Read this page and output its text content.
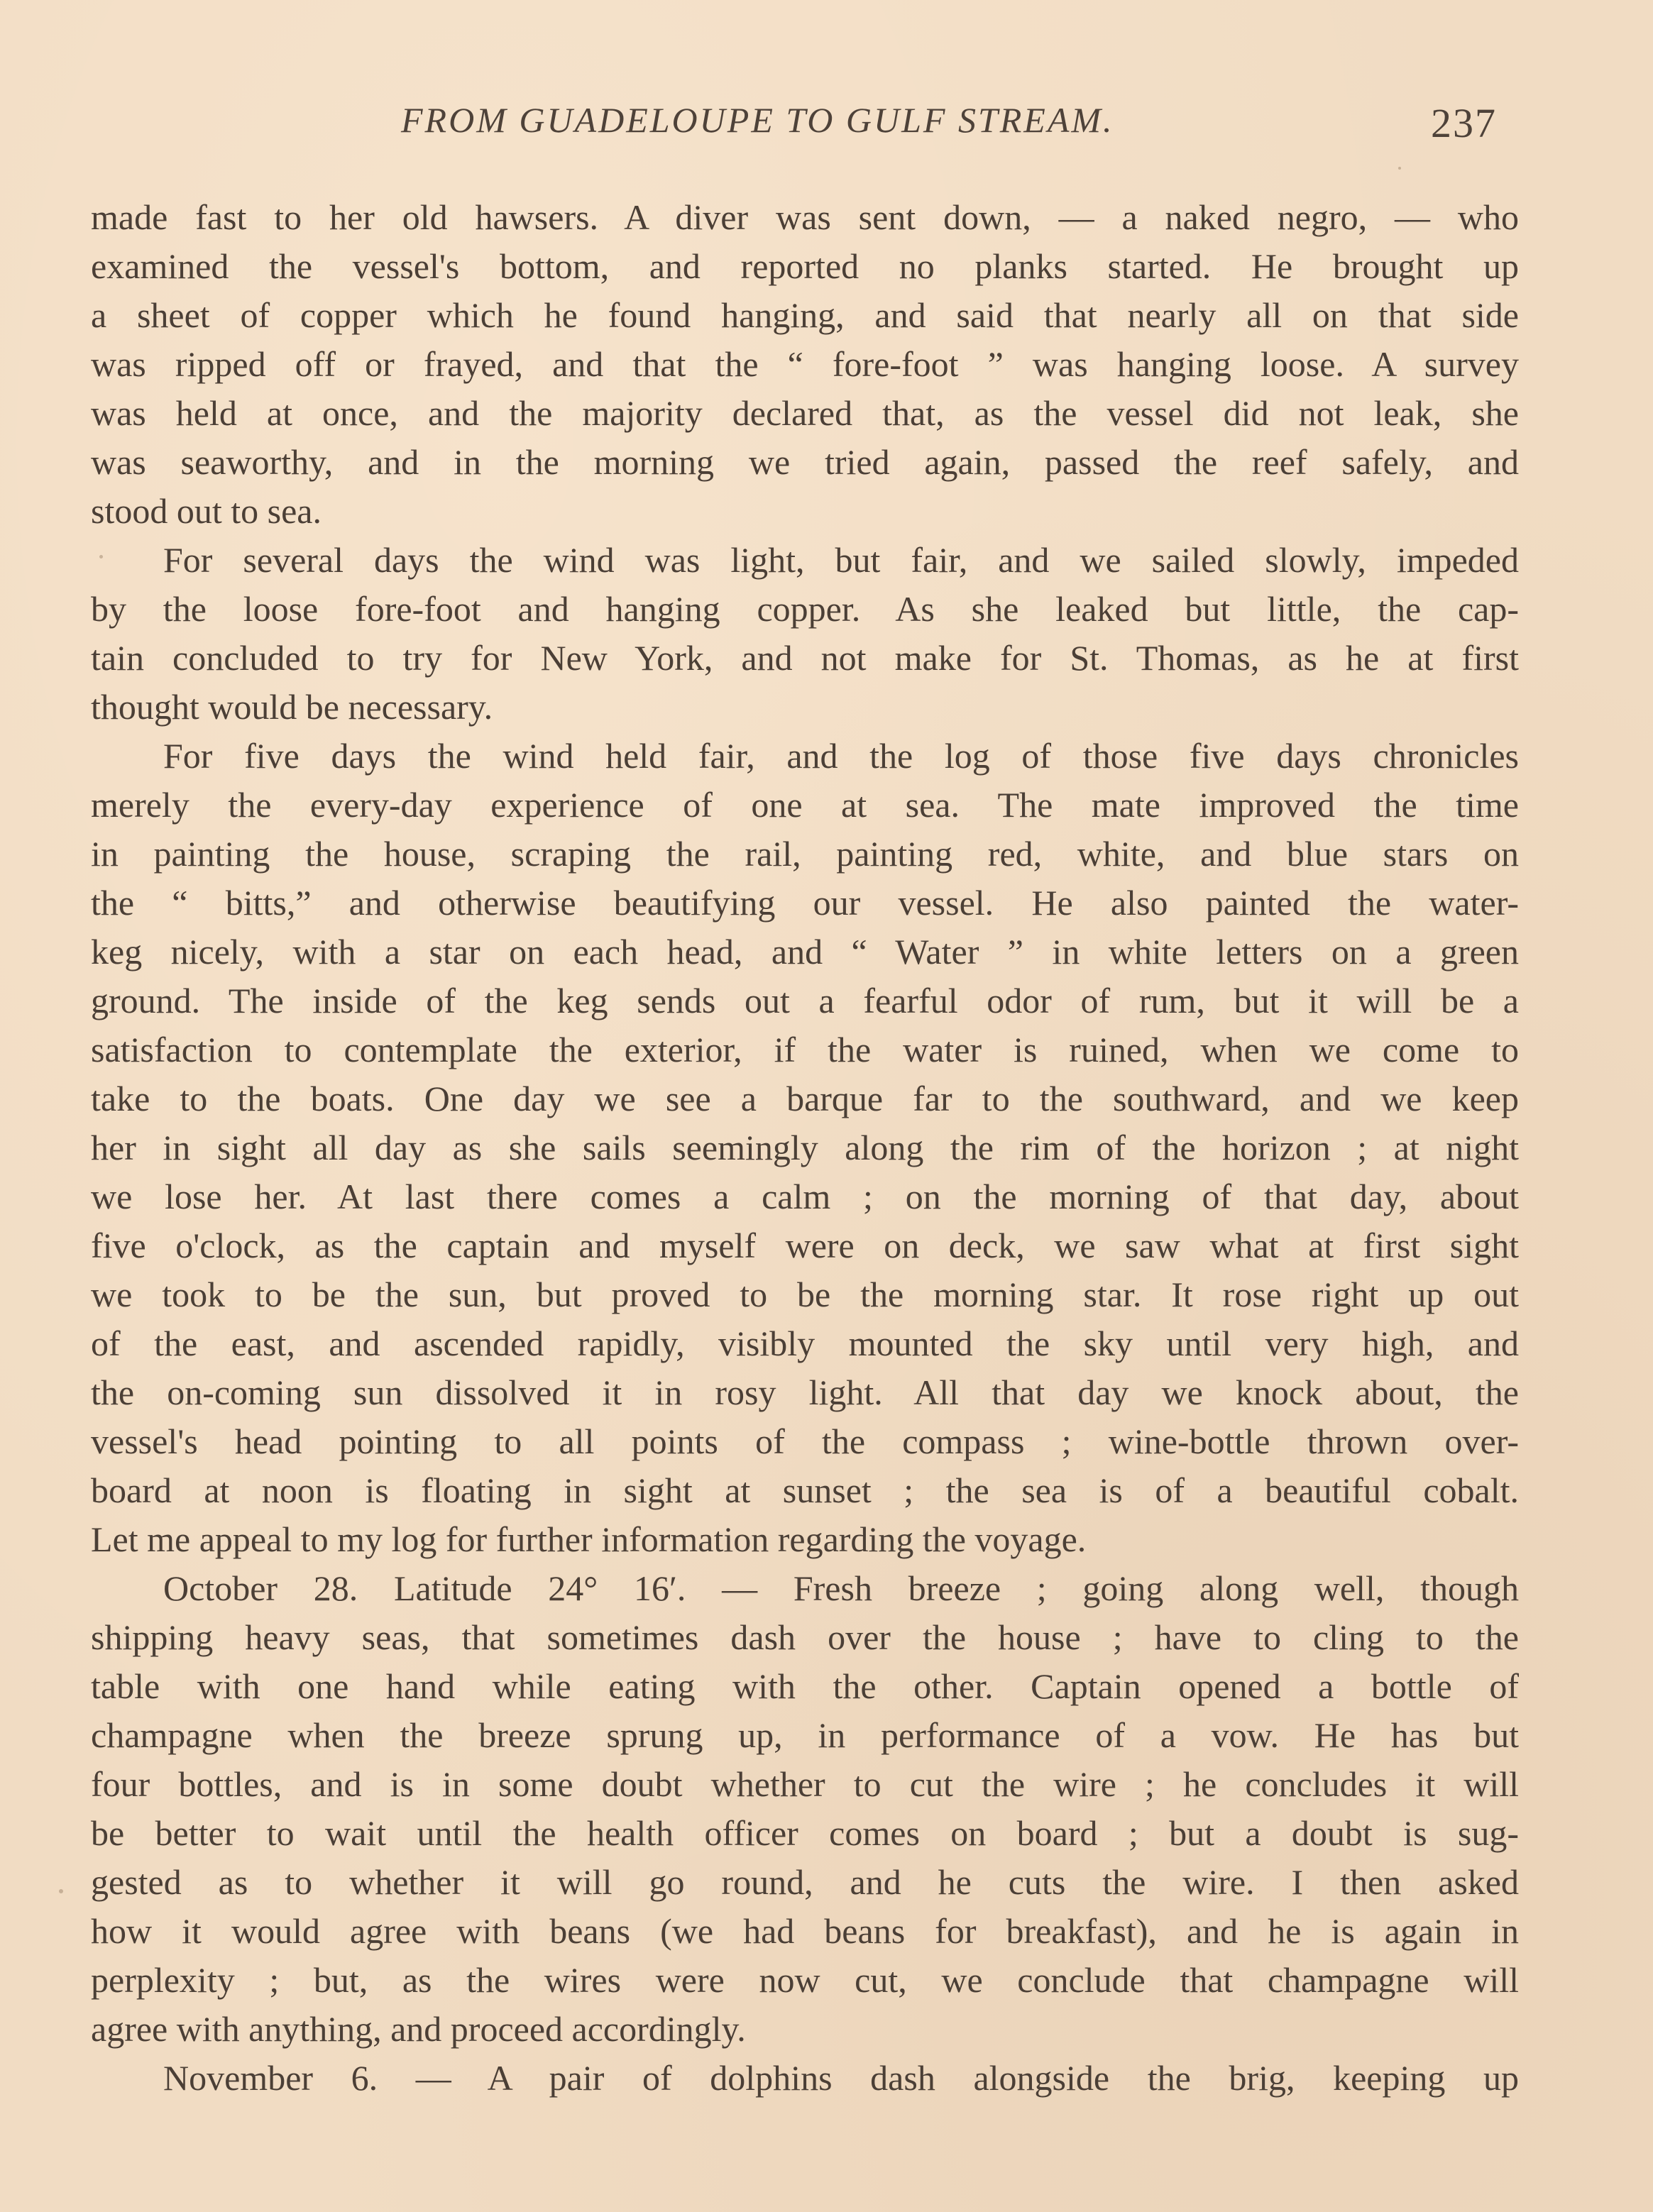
FROM GUADELOUPE TO GULF STREAM.	237
made fast to her old hawsers. A diver was sent down, — a naked negro, — who
examined the vessel's bottom, and reported no planks started. He brought up
a sheet of copper which he found hanging, and said that nearly all on that side
was ripped off or frayed, and that the “ fore-foot ” was hanging loose. A survey
was held at once, and the majority declared that, as the vessel did not leak, she
was seaworthy, and in the morning we tried again, passed the reef safely, and
stood out to sea.
For several days the wind was light, but fair, and we sailed slowly, impeded
by the loose fore-foot and hanging copper. As she leaked but little, the cap-
tain concluded to try for New York, and not make for St. Thomas, as he at first
thought would be necessary.
For five days the wind held fair, and the log of those five days chronicles
merely the every-day experience of one at sea. The mate improved the time
in painting the house, scraping the rail, painting red, white, and blue stars on
the “ bitts,” and otherwise beautifying our vessel. He also painted the water-
keg nicely, with a star on each head, and “ Water ” in white letters on a green
ground. The inside of the keg sends out a fearful odor of rum, but it will be a
satisfaction to contemplate the exterior, if the water is ruined, when we come to
take to the boats. One day we see a barque far to the southward, and we keep
her in sight all day as she sails seemingly along the rim of the horizon ; at night
we lose her. At last there comes a calm ; on the morning of that day, about
five o'clock, as the captain and myself were on deck, we saw what at first sight
we took to be the sun, but proved to be the morning star. It rose right up out
of the east, and ascended rapidly, visibly mounted the sky until very high, and
the on-coming sun dissolved it in rosy light. All that day we knock about, the
vessel's head pointing to all points of the compass ; wine-bottle thrown over-
board at noon is floating in sight at sunset ; the sea is of a beautiful cobalt.
Let me appeal to my log for further information regarding the voyage.
October 28. Latitude 24° 16′. — Fresh breeze ; going along well, though
shipping heavy seas, that sometimes dash over the house ; have to cling to the
table with one hand while eating with the other. Captain opened a bottle of
champagne when the breeze sprung up, in performance of a vow. He has but
four bottles, and is in some doubt whether to cut the wire ; he concludes it will
be better to wait until the health officer comes on board ; but a doubt is sug-
gested as to whether it will go round, and he cuts the wire. I then asked
how it would agree with beans (we had beans for breakfast), and he is again in
perplexity ; but, as the wires were now cut, we conclude that champagne will
agree with anything, and proceed accordingly.
November 6. — A pair of dolphins dash alongside the brig, keeping up
